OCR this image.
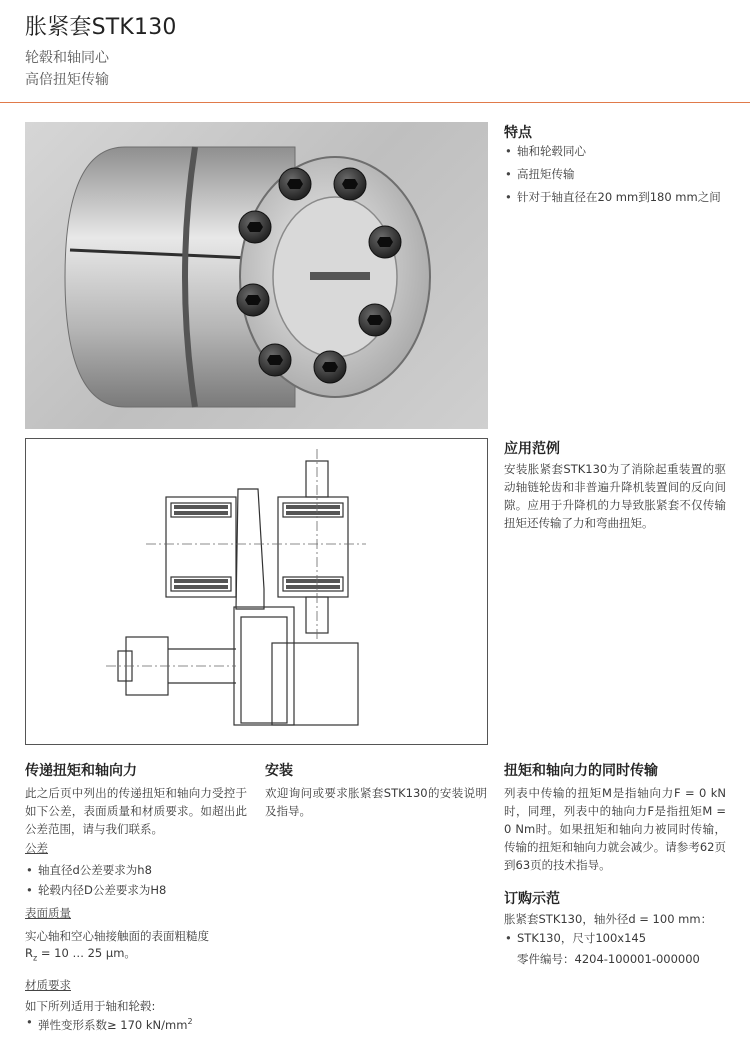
胀紧套STK130
轮毂和轴同心
高倍扭矩传输
特点
• 轴和轮毂同心
• 高扭矩传输
• 针对于轴直径在20 mm到180 mm之间
应用范例

安装胀紧套STK130为了消除起重装置的驱动轴链轮齿和非普遍升降机装置间的反向间隙。应用于升降机的力导致胀紧套不仅传输扭矩还传输了力和弯曲扭矩。

传递扭矩和轴向力

此之后页中列出的传递扭矩和轴向力受控于如下公差，表面质量和材质要求。如超出此公差范围，请与我们联系。

公差
• 轴直径d公差要求为h8
• 轮毂内径D公差要求为H8
表面质量

实心轴和空心轴接触面的表面粗糙度

$R_z = 10$ … 25 µm。

材质要求

如下所列适用于轴和轮毂:

• 弹性变形系数≥ 170 $kN/mm^2$
安装

欢迎询问或要求胀紧套STK130的安装说明及指导。

扭矩和轴向力的同时传输

列表中传输的扭矩M是指轴向力F = 0 kN时，同理，列表中的轴向力F是指扭矩M = 0 Nm时。如果扭矩和轴向力被同时传输，传输的扭矩和轴向力就会减少。请参考62页到63页的技术指导。

订购示范

胀紧套STK130，轴外径d = 100 mm：

• STK130，尺寸100x145

零件编号：4204-100001-000000
